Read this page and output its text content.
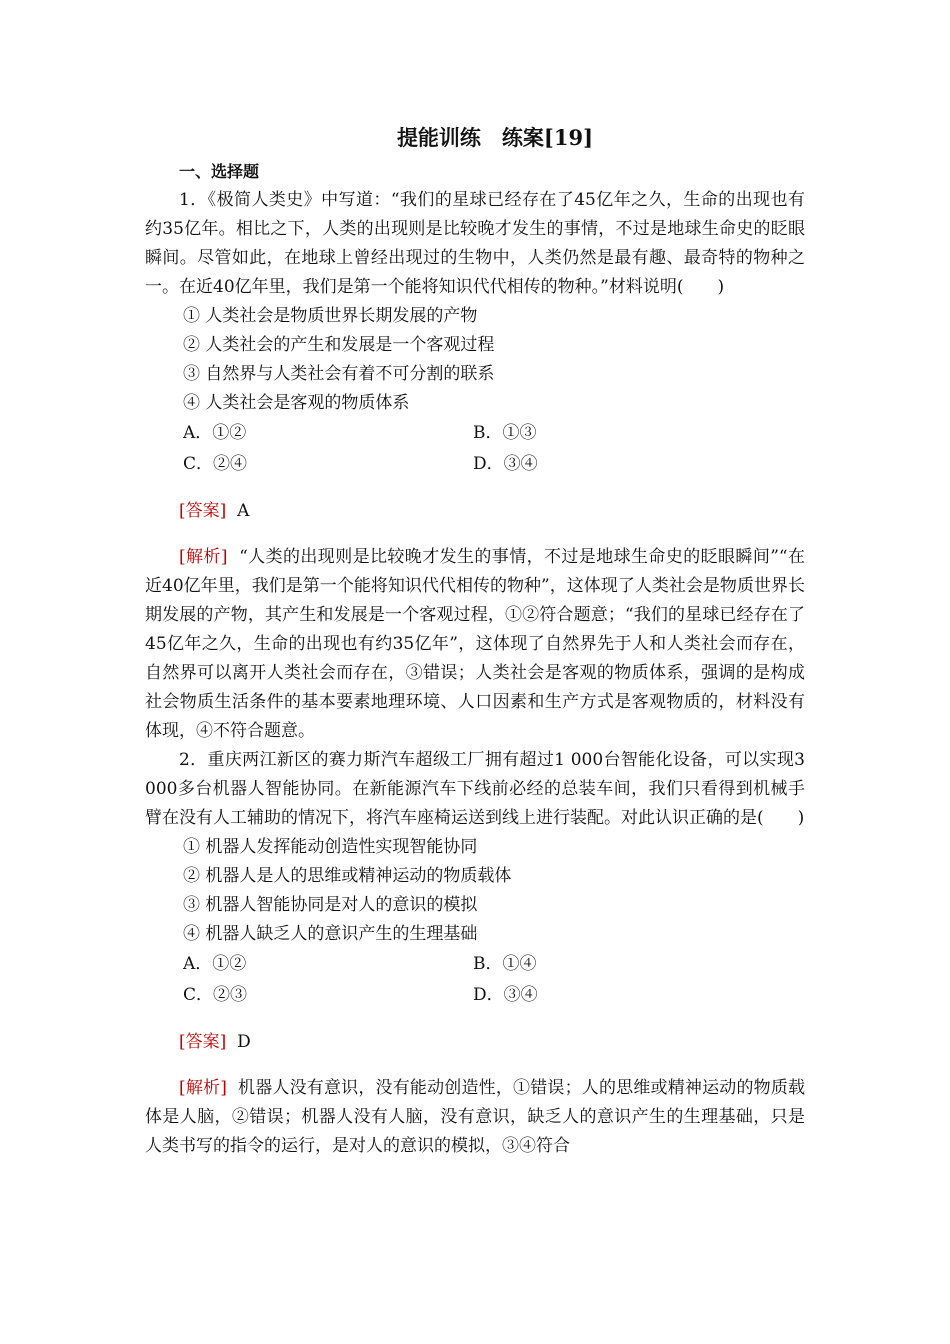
提能训练　练案[19]
一、选择题

1．《极简人类史》中写道：“我们的星球已经存在了45亿年之久，生命的出现也有约35亿年。相比之下，人类的出现则是比较晚才发生的事情，不过是地球生命史的眨眼瞬间。尽管如此，在地球上曾经出现过的生物中，人类仍然是最有趣、最奇特的物种之一。在近40亿年里，我们是第一个能将知识代代相传的物种。”材料说明(　　)

① 人类社会是物质世界长期发展的产物

② 人类社会的产生和发展是一个客观过程

③ 自然界与人类社会有着不可分割的联系

④ 人类社会是客观的物质体系

A．①②	B．①③
C．②④	D．③④

[答案] A

[解析] “人类的出现则是比较晚才发生的事情，不过是地球生命史的眨眼瞬间”“在近40亿年里，我们是第一个能将知识代代相传的物种”，这体现了人类社会是物质世界长期发展的产物，其产生和发展是一个客观过程，①②符合题意；“我们的星球已经存在了45亿年之久，生命的出现也有约35亿年”，这体现了自然界先于人和人类社会而存在，自然界可以离开人类社会而存在，③错误；人类社会是客观的物质体系，强调的是构成社会物质生活条件的基本要素地理环境、人口因素和生产方式是客观物质的，材料没有体现，④不符合题意。

2．重庆两江新区的赛力斯汽车超级工厂拥有超过1 000台智能化设备，可以实现3 000多台机器人智能协同。在新能源汽车下线前必经的总装车间，我们只看得到机械手臂在没有人工辅助的情况下，将汽车座椅运送到线上进行装配。对此认识正确的是(　　)

① 机器人发挥能动创造性实现智能协同

② 机器人是人的思维或精神运动的物质载体

③ 机器人智能协同是对人的意识的模拟

④ 机器人缺乏人的意识产生的生理基础

A．①②	B．①④
C．②③	D．③④

[答案] D

[解析] 机器人没有意识，没有能动创造性，①错误；人的思维或精神运动的物质载体是人脑，②错误；机器人没有人脑，没有意识，缺乏人的意识产生的生理基础，只是人类书写的指令的运行，是对人的意识的模拟，③④符合
